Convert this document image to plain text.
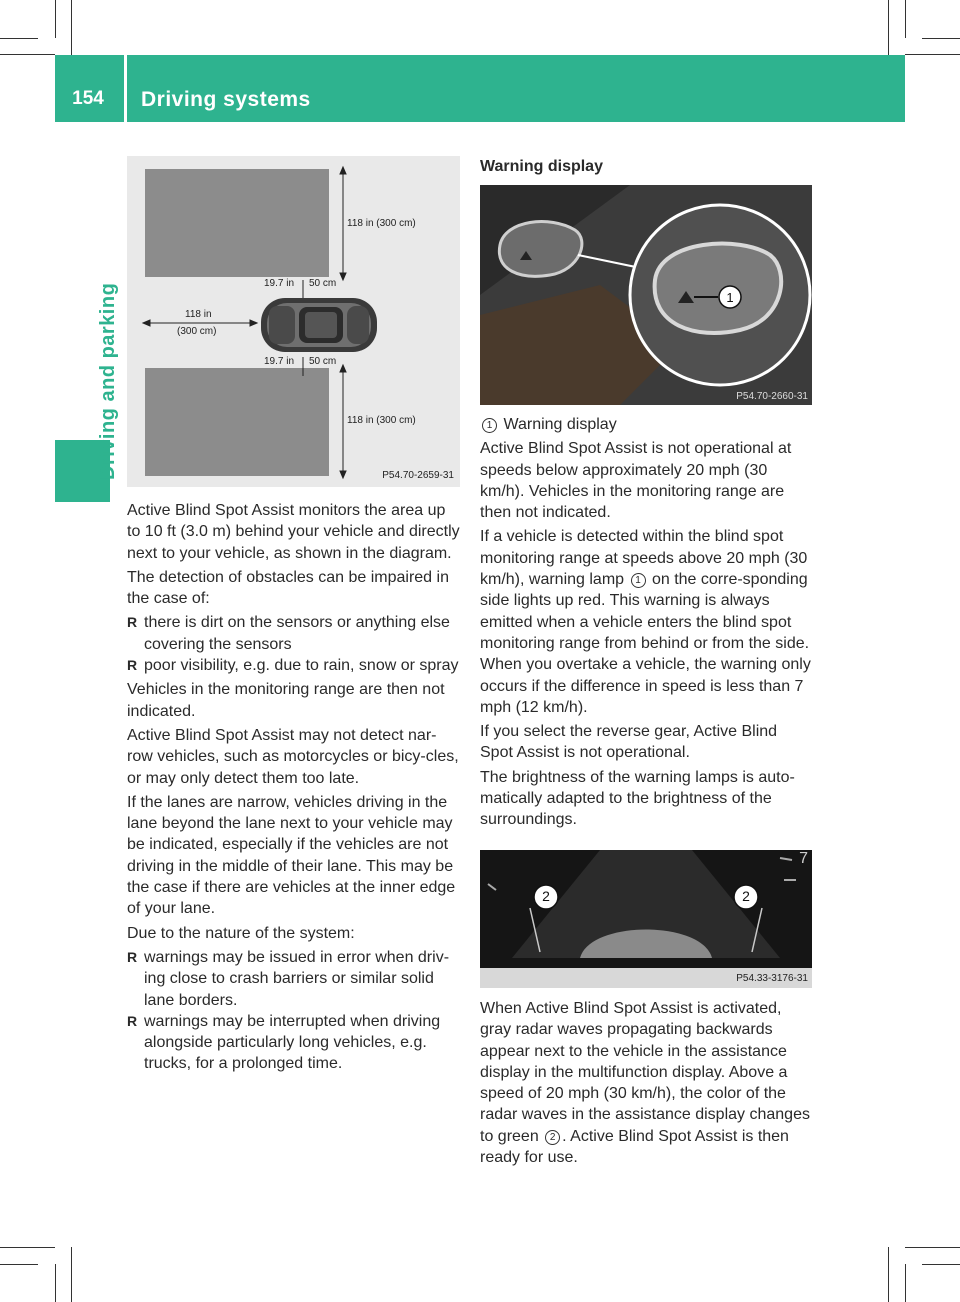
154	Driving systems
Driving and parking
118 in (300 cm)
19.7 in 50 cm
118 in
(300 cm)
19.7 in 50 cm
118 in (300 cm)
P54.70-2659-31

Active Blind Spot Assist monitors the area up to 10 ft (3.0 m) behind your vehicle and directly next to your vehicle, as shown in the diagram.

The detection of obstacles can be impaired in the case of:

R there is dirt on the sensors or anything else covering the sensors
R poor visibility, e.g. due to rain, snow or spray

Vehicles in the monitoring range are then not indicated.

Active Blind Spot Assist may not detect nar-row vehicles, such as motorcycles or bicy-cles, or may only detect them too late.

If the lanes are narrow, vehicles driving in the lane beyond the lane next to your vehicle may be indicated, especially if the vehicles are not driving in the middle of their lane. This may be the case if there are vehicles at the inner edge of your lane.

Due to the nature of the system:

R warnings may be issued in error when driv-ing close to crash barriers or similar solid lane borders.
R warnings may be interrupted when driving alongside particularly long vehicles, e.g. trucks, for a prolonged time.
Warning display
1
P54.70-2660-31

1 Warning display

Active Blind Spot Assist is not operational at speeds below approximately 20 mph (30 km/h). Vehicles in the monitoring range are then not indicated.

If a vehicle is detected within the blind spot monitoring range at speeds above 20 mph (30 km/h), warning lamp 1 on the corre-sponding side lights up red. This warning is always emitted when a vehicle enters the blind spot monitoring range from behind or from the side. When you overtake a vehicle, the warning only occurs if the difference in speed is less than 7 mph (12 km/h).

If you select the reverse gear, Active Blind Spot Assist is not operational.

The brightness of the warning lamps is auto-matically adapted to the brightness of the surroundings.

2	2
7
P54.33-3176-31

When Active Blind Spot Assist is activated, gray radar waves propagating backwards appear next to the vehicle in the assistance display in the multifunction display. Above a speed of 20 mph (30 km/h), the color of the radar waves in the assistance display changes to green 2 . Active Blind Spot Assist is then ready for use.
